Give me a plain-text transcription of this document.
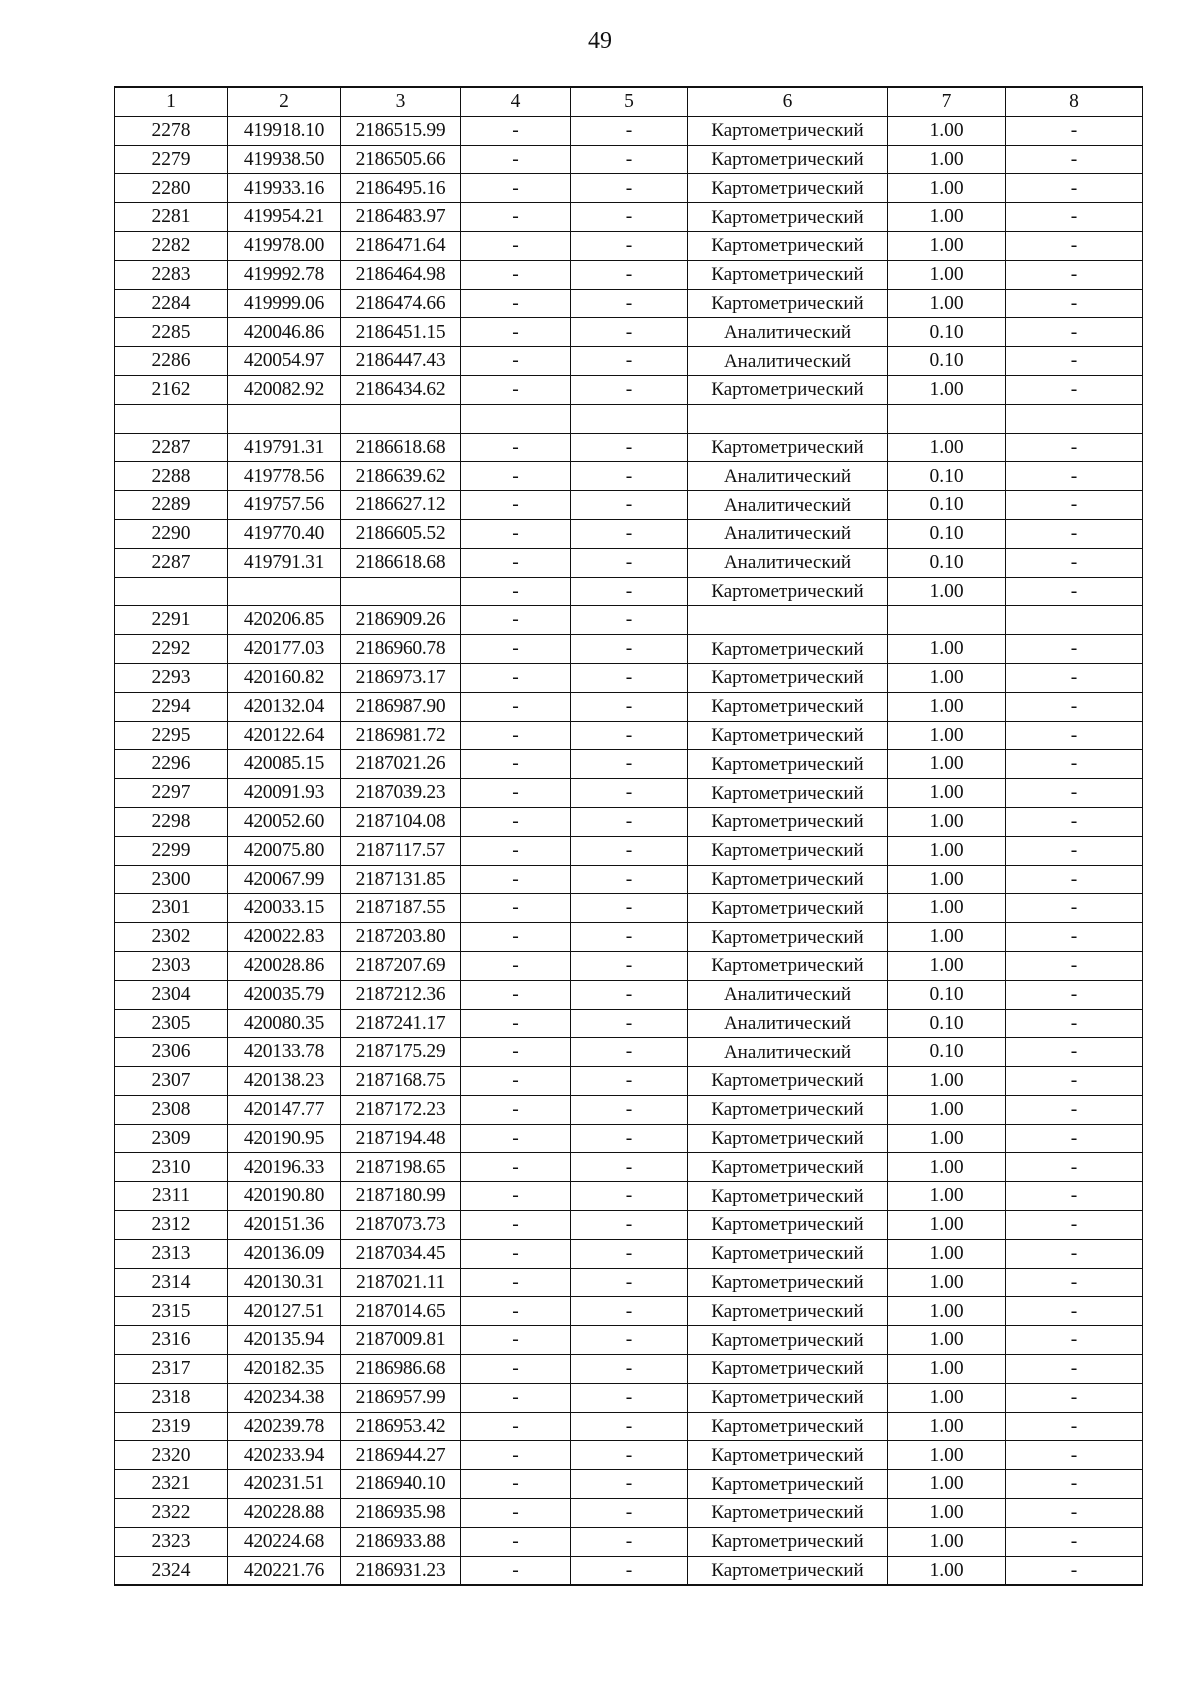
49
1	2	3	4	5	6	7	8
2278	419918.10	2186515.99	-	-	Картометрический	1.00	-
2279	419938.50	2186505.66	-	-	Картометрический	1.00	-
2280	419933.16	2186495.16	-	-	Картометрический	1.00	-
2281	419954.21	2186483.97	-	-	Картометрический	1.00	-
2282	419978.00	2186471.64	-	-	Картометрический	1.00	-
2283	419992.78	2186464.98	-	-	Картометрический	1.00	-
2284	419999.06	2186474.66	-	-	Картометрический	1.00	-
2285	420046.86	2186451.15	-	-	Аналитический	0.10	-
2286	420054.97	2186447.43	-	-	Аналитический	0.10	-
2162	420082.92	2186434.62	-	-	Картометрический	1.00	-

2287	419791.31	2186618.68	-	-	Картометрический	1.00	-
2288	419778.56	2186639.62	-	-	Аналитический	0.10	-
2289	419757.56	2186627.12	-	-	Аналитический	0.10	-
2290	419770.40	2186605.52	-	-	Аналитический	0.10	-
2287	419791.31	2186618.68	-	-	Аналитический	0.10	-
			-	-	Картометрический	1.00	-
2291	420206.85	2186909.26	-	-			
2292	420177.03	2186960.78	-	-	Картометрический	1.00	-
2293	420160.82	2186973.17	-	-	Картометрический	1.00	-
2294	420132.04	2186987.90	-	-	Картометрический	1.00	-
2295	420122.64	2186981.72	-	-	Картометрический	1.00	-
2296	420085.15	2187021.26	-	-	Картометрический	1.00	-
2297	420091.93	2187039.23	-	-	Картометрический	1.00	-
2298	420052.60	2187104.08	-	-	Картометрический	1.00	-
2299	420075.80	2187117.57	-	-	Картометрический	1.00	-
2300	420067.99	2187131.85	-	-	Картометрический	1.00	-
2301	420033.15	2187187.55	-	-	Картометрический	1.00	-
2302	420022.83	2187203.80	-	-	Картометрический	1.00	-
2303	420028.86	2187207.69	-	-	Картометрический	1.00	-
2304	420035.79	2187212.36	-	-	Аналитический	0.10	-
2305	420080.35	2187241.17	-	-	Аналитический	0.10	-
2306	420133.78	2187175.29	-	-	Аналитический	0.10	-
2307	420138.23	2187168.75	-	-	Картометрический	1.00	-
2308	420147.77	2187172.23	-	-	Картометрический	1.00	-
2309	420190.95	2187194.48	-	-	Картометрический	1.00	-
2310	420196.33	2187198.65	-	-	Картометрический	1.00	-
2311	420190.80	2187180.99	-	-	Картометрический	1.00	-
2312	420151.36	2187073.73	-	-	Картометрический	1.00	-
2313	420136.09	2187034.45	-	-	Картометрический	1.00	-
2314	420130.31	2187021.11	-	-	Картометрический	1.00	-
2315	420127.51	2187014.65	-	-	Картометрический	1.00	-
2316	420135.94	2187009.81	-	-	Картометрический	1.00	-
2317	420182.35	2186986.68	-	-	Картометрический	1.00	-
2318	420234.38	2186957.99	-	-	Картометрический	1.00	-
2319	420239.78	2186953.42	-	-	Картометрический	1.00	-
2320	420233.94	2186944.27	-	-	Картометрический	1.00	-
2321	420231.51	2186940.10	-	-	Картометрический	1.00	-
2322	420228.88	2186935.98	-	-	Картометрический	1.00	-
2323	420224.68	2186933.88	-	-	Картометрический	1.00	-
2324	420221.76	2186931.23	-	-	Картометрический	1.00	-
